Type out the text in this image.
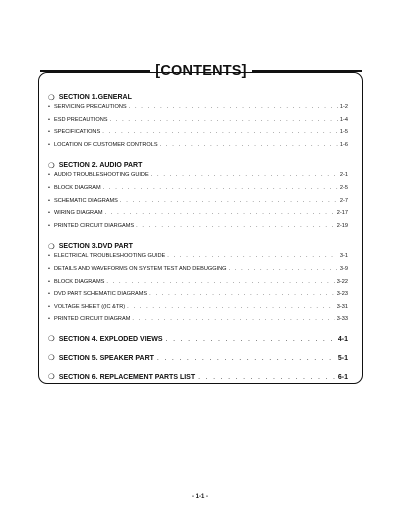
[CONTENTS]
❍ SECTION 1.GENERAL
• SERVICING PRECAUTIONS . . .	1-2
• ESD PRECAUTIONS . . .	1-4
• SPECIFICATIONS . . .	1-5
• LOCATION OF CUSTOMER CONTROLS . . .	1-6
❍ SECTION 2. AUDIO PART
• AUDIO TROUBLESHOOTING GUIDE . . .	2-1
• BLOCK DIAGRAM . . .	2-5
• SCHEMATIC DIAGRAMS . . .	2-7
• WIRING DIAGRAM . . .	2-17
• PRINTED CIRCUIT DIARGAMS . . .	2-19
❍ SECTION 3.DVD PART
• ELECTRICAL TROUBLESHOOTING GUIDE . . .	3-1
• DETAILS AND WAVEFORMS ON SYSTEM TEST AND DEBUGGING . . .	3-9
• BLOCK DIAGRAMS . . .	3-22
• DVD PART SCHEMATIC DIAGRAMS . . .	3-23
• VOLTAGE SHEET ((IC &TR) . . .	3-31
• PRINTED CIRCUIT DIAGRAM . . .	3-33
❍ SECTION 4. EXPLODED VIEWS . . .	4-1
❍ SECTION 5. SPEAKER PART . . .	5-1
❍ SECTION 6. REPLACEMENT PARTS LIST . . .	6-1
- 1-1 -
